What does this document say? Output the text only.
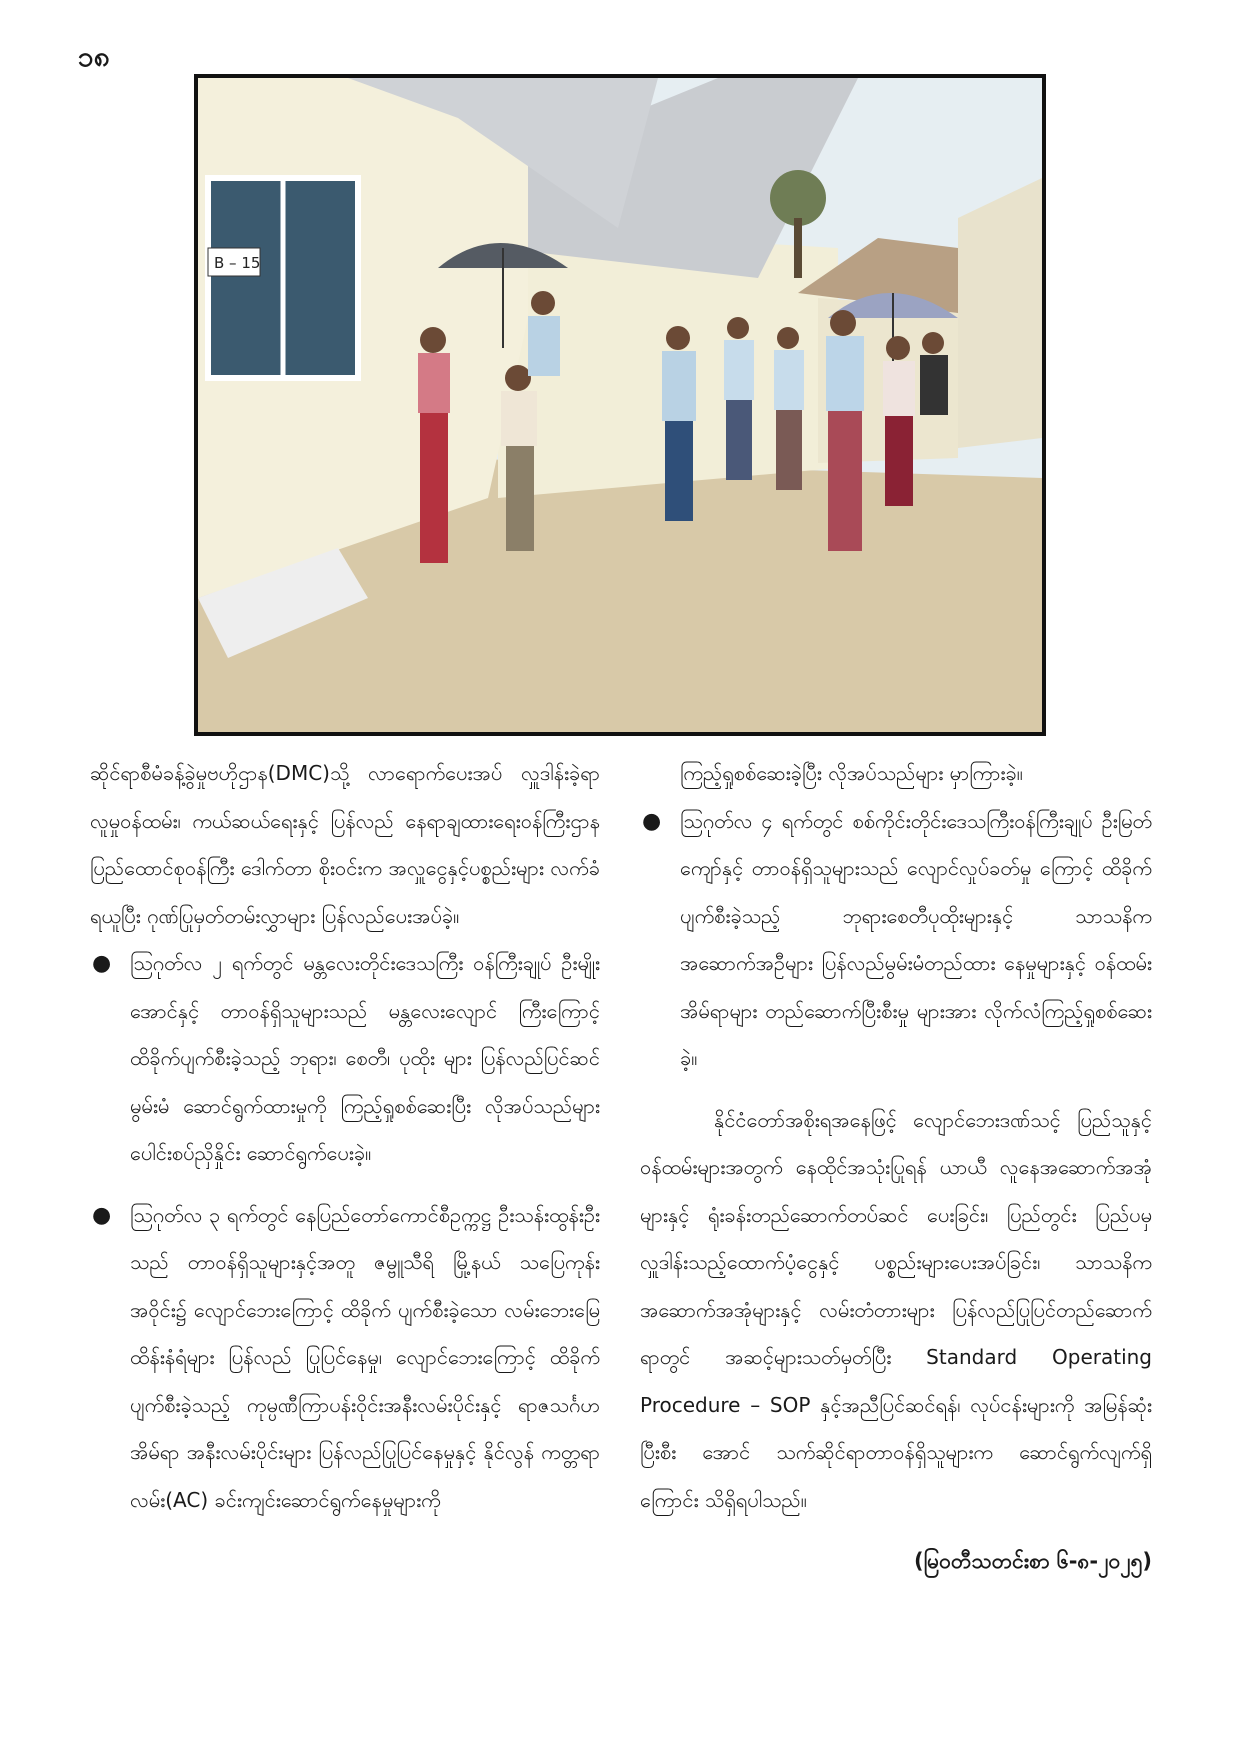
၁၈
B – 15

ဆိုင်ရာစီမံခန့်ခွဲမှုဗဟိုဌာန(DMC)သို့ လာရောက်ပေးအပ် လှူဒါန်းခဲ့ရာ လူမှုဝန်ထမ်း၊ ကယ်ဆယ်ရေးနှင့် ပြန်လည် နေရာချထားရေးဝန်ကြီးဌာန ပြည်ထောင်စုဝန်ကြီး ဒေါက်တာ စိုးဝင်းက အလှူငွေနှင့်ပစ္စည်းများ လက်ခံ ရယူပြီး ဂုဏ်ပြုမှတ်တမ်းလွှာများ ပြန်လည်ပေးအပ်ခဲ့။

● သြဂုတ်လ ၂ ရက်တွင် မန္တလေးတိုင်းဒေသကြီး ဝန်ကြီးချုပ် ဦးမျိုးအောင်နှင့် တာဝန်ရှိသူများသည် မန္တလေးလျောင် ကြီးကြောင့် ထိခိုက်ပျက်စီးခဲ့သည့် ဘုရား၊ စေတီ၊ ပုထိုး များ ပြန်လည်ပြင်ဆင်မွမ်းမံ ဆောင်ရွက်ထားမှုကို ကြည့်ရှုစစ်ဆေးပြီး လိုအပ်သည်များ ပေါင်းစပ်ညှိနှိုင်း ဆောင်ရွက်ပေးခဲ့။
● သြဂုတ်လ ၃ ရက်တွင် နေပြည်တော်ကောင်စီဥက္ကဋ္ဌ ဦးသန်းထွန်းဦးသည် တာဝန်ရှိသူများနှင့်အတူ ဇမ္ဗူသီရိ မြို့နယ် သပြေကုန်းအဝိုင်း၌ လျောင်ဘေးကြောင့် ထိခိုက် ပျက်စီးခဲ့သော လမ်းဘေးမြေထိန်းနံရံများ ပြန်လည် ပြုပြင်နေမှု၊ လျောင်ဘေးကြောင့် ထိခိုက်ပျက်စီးခဲ့သည့် ကုမ္ပဏီကြာပန်းဝိုင်းအနီးလမ်းပိုင်းနှင့် ရာဇသင်္ဂဟအိမ်ရာ အနီးလမ်းပိုင်းများ ပြန်လည်ပြုပြင်နေမှုနှင့် နိုင်လွန် ကတ္တရာလမ်း(AC) ခင်းကျင်းဆောင်ရွက်နေမှုများကို

ကြည့်ရှုစစ်ဆေးခဲ့ပြီး လိုအပ်သည်များ မှာကြားခဲ့။

● သြဂုတ်လ ၄ ရက်တွင် စစ်ကိုင်းတိုင်းဒေသကြီးဝန်ကြီးချုပ် ဦးမြတ်ကျော်နှင့် တာဝန်ရှိသူများသည် လျောင်လှုပ်ခတ်မှု ကြောင့် ထိခိုက်ပျက်စီးခဲ့သည့် ဘုရားစေတီပုထိုးများနှင့် သာသနိက အဆောက်အဦများ ပြန်လည်မွမ်းမံတည်ထား နေမှုများနှင့် ဝန်ထမ်းအိမ်ရာများ တည်ဆောက်ပြီးစီးမှု များအား လိုက်လံကြည့်ရှုစစ်ဆေးခဲ့။

နိုင်ငံတော်အစိုးရအနေဖြင့် လျောင်ဘေးဒဏ်သင့် ပြည်သူနှင့်ဝန်ထမ်းများအတွက် နေထိုင်အသုံးပြုရန် ယာယီ လူနေအဆောက်အအုံများနှင့် ရုံးခန်းတည်ဆောက်တပ်ဆင် ပေးခြင်း၊ ပြည်တွင်း ပြည်ပမှ လှူဒါန်းသည့်ထောက်ပံ့ငွေနှင့် ပစ္စည်းများပေးအပ်ခြင်း၊ သာသနိကအဆောက်အအုံများနှင့် လမ်းတံတားများ ပြန်လည်ပြုပြင်တည်ဆောက်ရာတွင် အဆင့်များသတ်မှတ်ပြီး Standard Operating Procedure – SOP နှင့်အညီပြင်ဆင်ရန်၊ လုပ်ငန်းများကို အမြန်ဆုံးပြီးစီး အောင် သက်ဆိုင်ရာတာဝန်ရှိသူများက ဆောင်ရွက်လျက်ရှိ ကြောင်း သိရှိရပါသည်။

(မြဝတီသတင်းစာ ၆-၈-၂၀၂၅)
